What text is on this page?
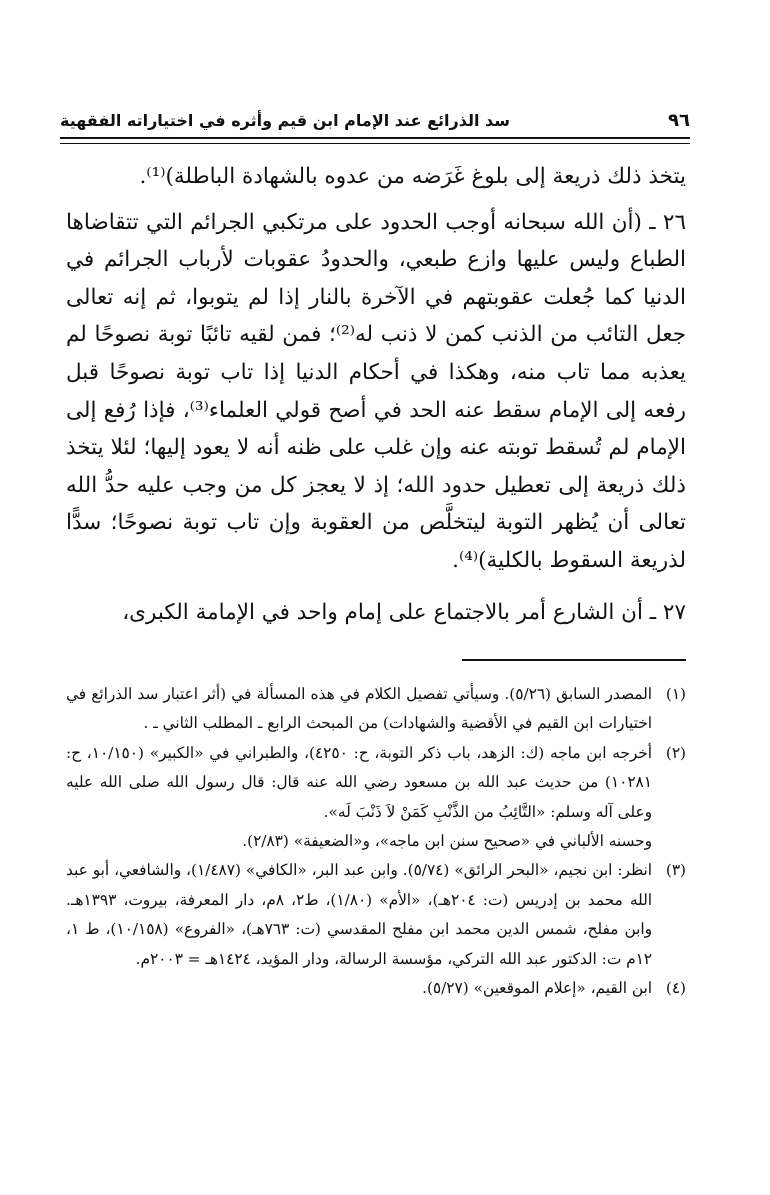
٩٦
سد الذرائع عند الإمام ابن قيم وأثره في اختياراته الفقهية

يتخذ ذلك ذريعة إلى بلوغ غَرَضه من عدوه بالشهادة الباطلة)⁽¹⁾.

٢٦ ـ (أن الله سبحانه أوجب الحدود على مرتكبي الجرائم التي تتقاضاها الطباع وليس عليها وازع طبعي، والحدودُ عقوبات لأرباب الجرائم في الدنيا كما جُعلت عقوبتهم في الآخرة بالنار إذا لم يتوبوا، ثم إنه تعالى جعل التائب من الذنب كمن لا ذنب له⁽²⁾؛ فمن لقيه تائبًا توبة نصوحًا لم يعذبه مما تاب منه، وهكذا في أحكام الدنيا إذا تاب توبة نصوحًا قبل رفعه إلى الإمام سقط عنه الحد في أصح قولي العلماء⁽³⁾، فإذا رُفع إلى الإمام لم تُسقط توبته عنه وإن غلب على ظنه أنه لا يعود إليها؛ لئلا يتخذ ذلك ذريعة إلى تعطيل حدود الله؛ إذ لا يعجز كل من وجب عليه حدُّ الله تعالى أن يُظهر التوبة ليتخلَّص من العقوبة وإن تاب توبة نصوحًا؛ سدًّا لذريعة السقوط بالكلية)⁽⁴⁾.

٢٧ ـ أن الشارع أمر بالاجتماع على إمام واحد في الإمامة الكبرى،

(١)
المصدر السابق (٥/٢٦). وسيأتي تفصيل الكلام في هذه المسألة في (أثر اعتبار سد الذرائع في اختيارات ابن القيم في الأقضية والشهادات) من المبحث الرابع ـ المطلب الثاني ـ .
(٢)
أخرجه ابن ماجه (ك: الزهد، باب ذكر التوبة، ح: ٤٢٥٠)، والطبراني في «الكبير» (١٠/١٥٠، ح: ١٠٢٨١) من حديث عبد الله بن مسعود رضي الله عنه قال: قال رسول الله صلى الله عليه وعلى آله وسلم: «التَّائِبُ من الذَّنْبِ كَمَنْ لاَ ذَنْبَ لَه».
وحسنه الألباني في «صحيح سنن ابن ماجه»، و«الضعيفة» (٢/٨٣).
(٣)
انظر: ابن نجيم، «البحر الرائق» (٥/٧٤). وابن عبد البر، «الكافي» (١/٤٨٧)، والشافعي، أبو عبد الله محمد بن إدريس (ت: ٢٠٤هـ)، «الأم» (١/٨٠)، ط٢، ٨م، دار المعرفة، بيروت، ١٣٩٣هـ. وابن مفلح، شمس الدين محمد ابن مفلح المقدسي (ت: ٧٦٣هـ)، «الفروع» (١٠/١٥٨)، ط ١، ١٢م ت: الدكتور عبد الله التركي، مؤسسة الرسالة، ودار المؤيد، ١٤٢٤هـ = ٢٠٠٣م.
(٤)
ابن القيم، «إعلام الموقعين» (٥/٢٧).
